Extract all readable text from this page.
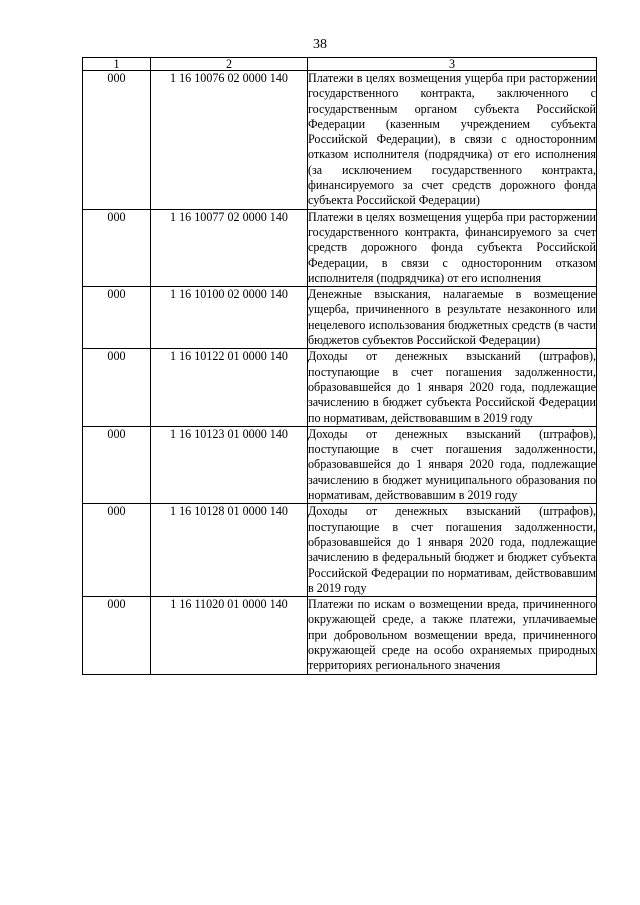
38
1	2	3
000	1 16 10076 02 0000 140	Платежи в целях возмещения ущерба при расторжении государственного контракта, заключенного с государственным органом субъекта Российской Федерации (казенным учреждением субъекта Российской Федерации), в связи с односторонним отказом исполнителя (подрядчика) от его исполнения (за исключением государственного контракта, финансируемого за счет средств дорожного фонда субъекта Российской Федерации)
000	1 16 10077 02 0000 140	Платежи в целях возмещения ущерба при расторжении государственного контракта, финансируемого за счет средств дорожного фонда субъекта Российской Федерации, в связи с односторонним отказом исполнителя (подрядчика) от его исполнения
000	1 16 10100 02 0000 140	Денежные взыскания, налагаемые в возмещение ущерба, причиненного в результате незаконного или нецелевого использования бюджетных средств (в части бюджетов субъектов Российской Федерации)
000	1 16 10122 01 0000 140	Доходы от денежных взысканий (штрафов), поступающие в счет погашения задолженности, образовавшейся до 1 января 2020 года, подлежащие зачислению в бюджет субъекта Российской Федерации по нормативам, действовавшим в 2019 году
000	1 16 10123 01 0000 140	Доходы от денежных взысканий (штрафов), поступающие в счет погашения задолженности, образовавшейся до 1 января 2020 года, подлежащие зачислению в бюджет муниципального образования по нормативам, действовавшим в 2019 году
000	1 16 10128 01 0000 140	Доходы от денежных взысканий (штрафов), поступающие в счет погашения задолженности, образовавшейся до 1 января 2020 года, подлежащие зачислению в федеральный бюджет и бюджет субъекта Российской Федерации по нормативам, действовавшим в 2019 году
000	1 16 11020 01 0000 140	Платежи по искам о возмещении вреда, причиненного окружающей среде, а также платежи, уплачиваемые при добровольном возмещении вреда, причиненного окружающей среде на особо охраняемых природных территориях регионального значения
